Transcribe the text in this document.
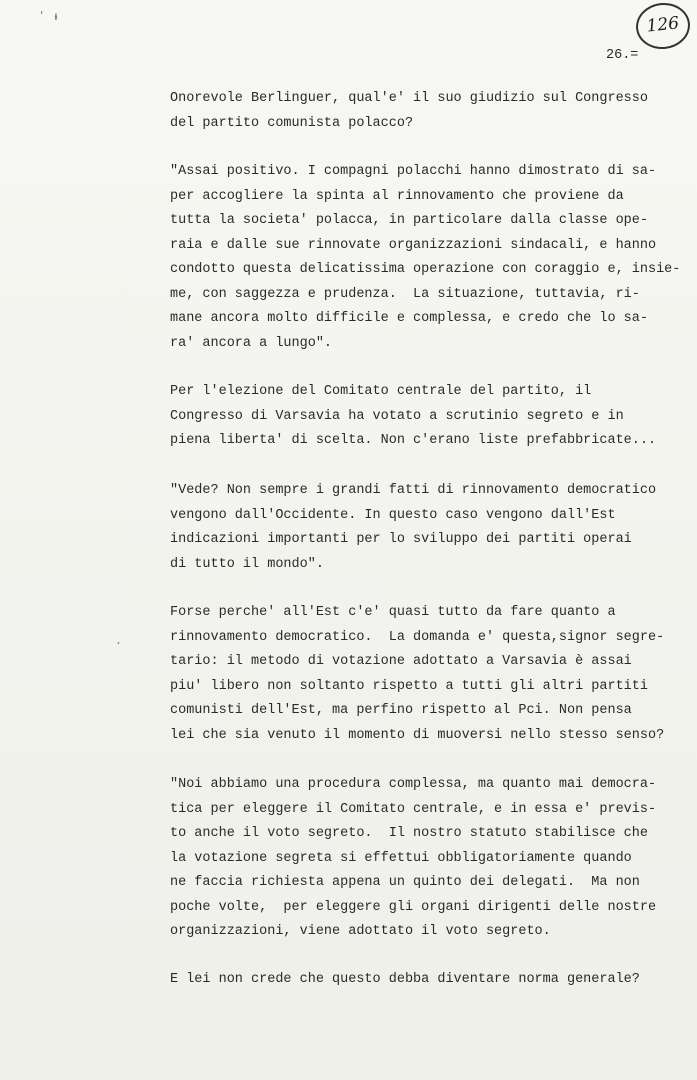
ʼ ᵻ	126
26.=
ˊ

Onorevole Berlinguer, qual'e' il suo giudizio sul Congresso
del partito comunista polacco?

"Assai positivo. I compagni polacchi hanno dimostrato di sa-
per accogliere la spinta al rinnovamento che proviene da
tutta la societa' polacca, in particolare dalla classe ope-
raia e dalle sue rinnovate organizzazioni sindacali, e hanno
condotto questa delicatissima operazione con coraggio e, insie-
me, con saggezza e prudenza.  La situazione, tuttavia, ri-
mane ancora molto difficile e complessa, e credo che lo sa-
ra' ancora a lungo".

Per l'elezione del Comitato centrale del partito, il
Congresso di Varsavia ha votato a scrutinio segreto e in
piena liberta' di scelta. Non c'erano liste prefabbricate...

"Vede? Non sempre i grandi fatti di rinnovamento democratico
vengono dall'Occidente. In questo caso vengono dall'Est
indicazioni importanti per lo sviluppo dei partiti operai
di tutto il mondo".

Forse perche' all'Est c'e' quasi tutto da fare quanto a
rinnovamento democratico.  La domanda e' questa,signor segre-
tario: il metodo di votazione adottato a Varsavia è assai
piu' libero non soltanto rispetto a tutti gli altri partiti
comunisti dell'Est, ma perfino rispetto al Pci. Non pensa
lei che sia venuto il momento di muoversi nello stesso senso?

"Noi abbiamo una procedura complessa, ma quanto mai democra-
tica per eleggere il Comitato centrale, e in essa e' previs-
to anche il voto segreto.  Il nostro statuto stabilisce che
la votazione segreta si effettui obbligatoriamente quando
ne faccia richiesta appena un quinto dei delegati.  Ma non
poche volte,  per eleggere gli organi dirigenti delle nostre
organizzazioni, viene adottato il voto segreto.

E lei non crede che questo debba diventare norma generale?
